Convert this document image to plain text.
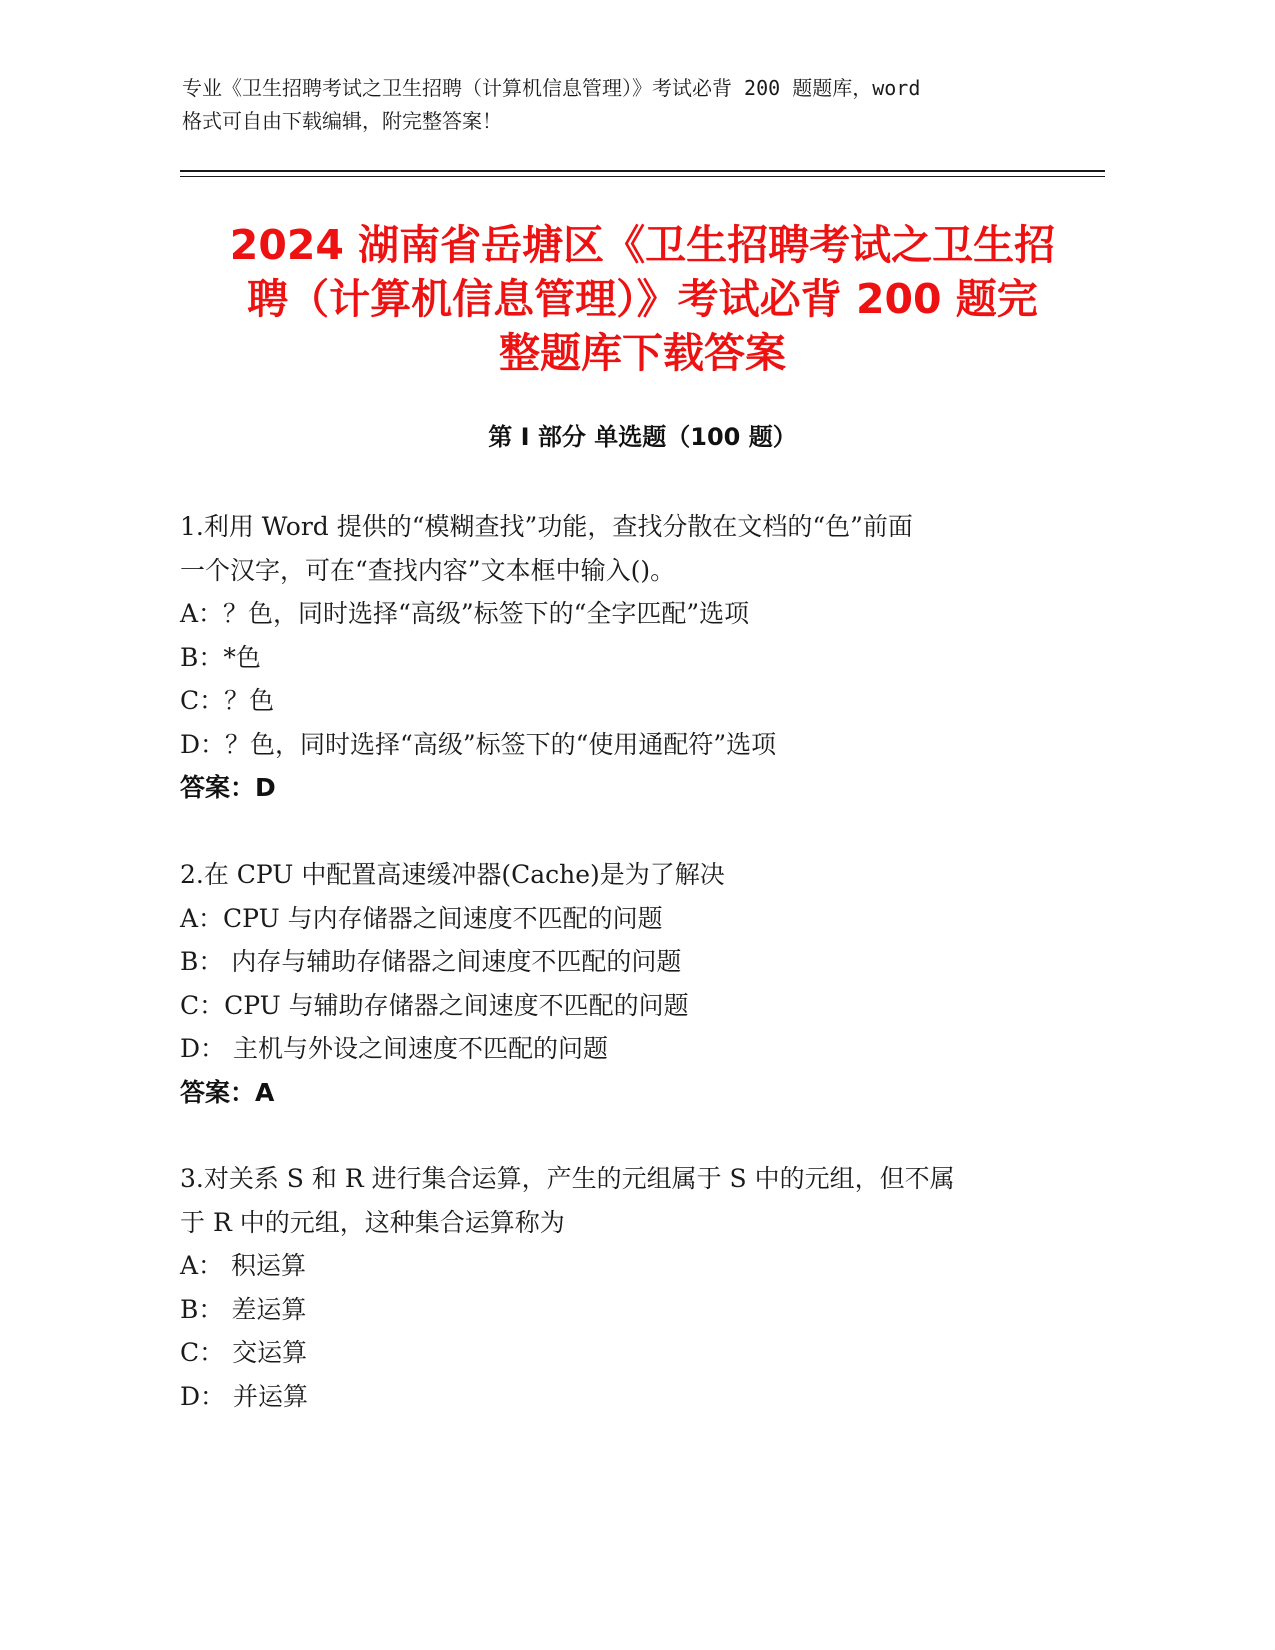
专业《卫生招聘考试之卫生招聘（计算机信息管理）》考试必背 200 题题库，word
格式可自由下载编辑，附完整答案！
2024 湖南省岳塘区《卫生招聘考试之卫生招
聘（计算机信息管理）》考试必背 200 题完
整题库下载答案
第 I 部分 单选题（100 题）

1.利用 Word 提供的“模糊查找”功能，查找分散在文档的“色”前面

一个汉字，可在“查找内容”文本框中输入()。

A：？色，同时选择“高级”标签下的“全字匹配”选项

B：*色

C：？色

D：？色，同时选择“高级”标签下的“使用通配符”选项

答案：D

2.在 CPU 中配置高速缓冲器(Cache)是为了解决

A：CPU 与内存储器之间速度不匹配的问题

B： 内存与辅助存储器之间速度不匹配的问题

C：CPU 与辅助存储器之间速度不匹配的问题

D： 主机与外设之间速度不匹配的问题

答案：A

3.对关系 S 和 R 进行集合运算，产生的元组属于 S 中的元组，但不属

于 R 中的元组，这种集合运算称为

A： 积运算

B： 差运算

C： 交运算

D： 并运算
